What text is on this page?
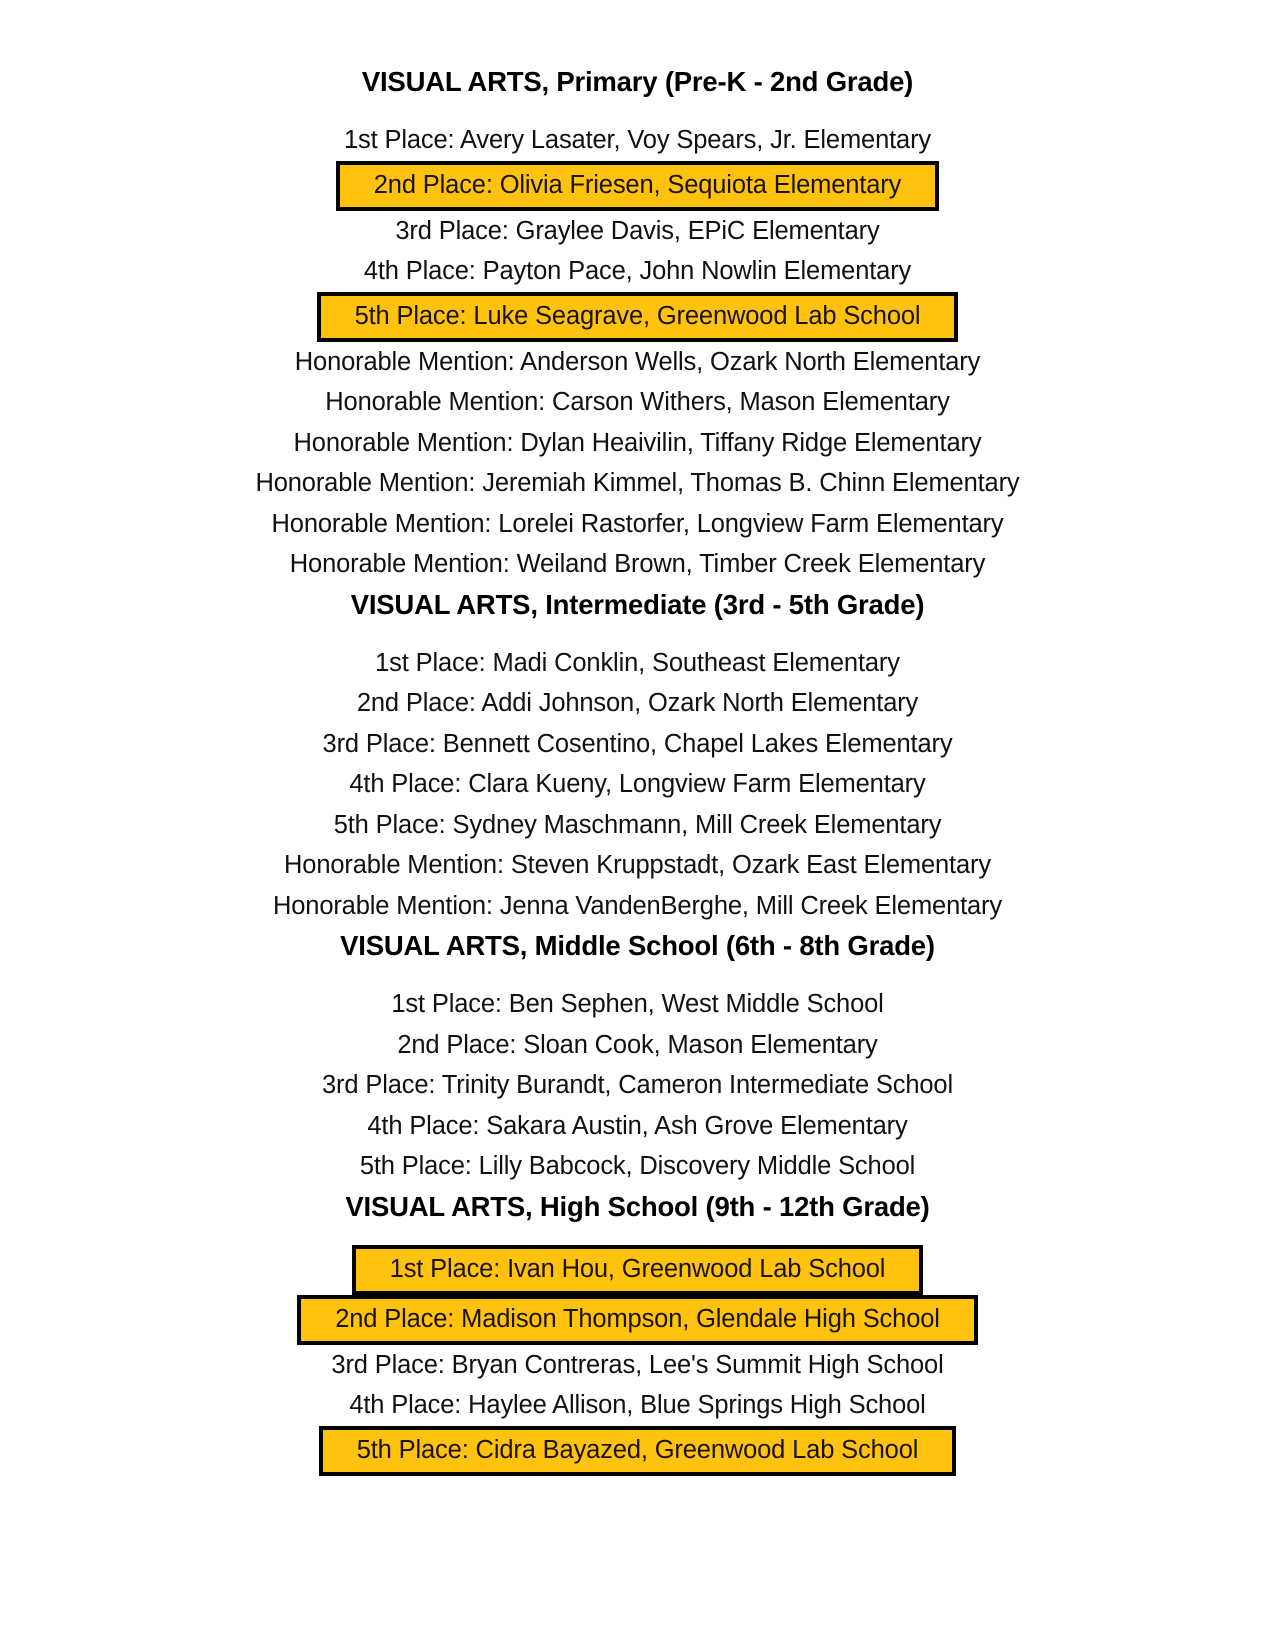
VISUAL ARTS, Primary (Pre-K - 2nd Grade)
1st Place: Avery Lasater, Voy Spears, Jr. Elementary
2nd Place: Olivia Friesen, Sequiota Elementary
3rd Place: Graylee Davis, EPiC Elementary
4th Place: Payton Pace, John Nowlin Elementary
5th Place: Luke Seagrave, Greenwood Lab School
Honorable Mention: Anderson Wells, Ozark North Elementary
Honorable Mention: Carson Withers, Mason Elementary
Honorable Mention: Dylan Heaivilin, Tiffany Ridge Elementary
Honorable Mention: Jeremiah Kimmel, Thomas B. Chinn Elementary
Honorable Mention: Lorelei Rastorfer, Longview Farm Elementary
Honorable Mention: Weiland Brown, Timber Creek Elementary
VISUAL ARTS, Intermediate (3rd - 5th Grade)
1st Place: Madi Conklin, Southeast Elementary
2nd Place: Addi Johnson, Ozark North Elementary
3rd Place: Bennett Cosentino, Chapel Lakes Elementary
4th Place: Clara Kueny, Longview Farm Elementary
5th Place: Sydney Maschmann, Mill Creek Elementary
Honorable Mention: Steven Kruppstadt, Ozark East Elementary
Honorable Mention: Jenna VandenBerghe, Mill Creek Elementary
VISUAL ARTS, Middle School (6th - 8th Grade)
1st Place: Ben Sephen, West Middle School
2nd Place: Sloan Cook, Mason Elementary
3rd Place: Trinity Burandt, Cameron Intermediate School
4th Place: Sakara Austin, Ash Grove Elementary
5th Place: Lilly Babcock, Discovery Middle School
VISUAL ARTS, High School (9th - 12th Grade)
1st Place: Ivan Hou, Greenwood Lab School
2nd Place: Madison Thompson, Glendale High School
3rd Place: Bryan Contreras, Lee's Summit High School
4th Place: Haylee Allison, Blue Springs High School
5th Place: Cidra Bayazed, Greenwood Lab School
